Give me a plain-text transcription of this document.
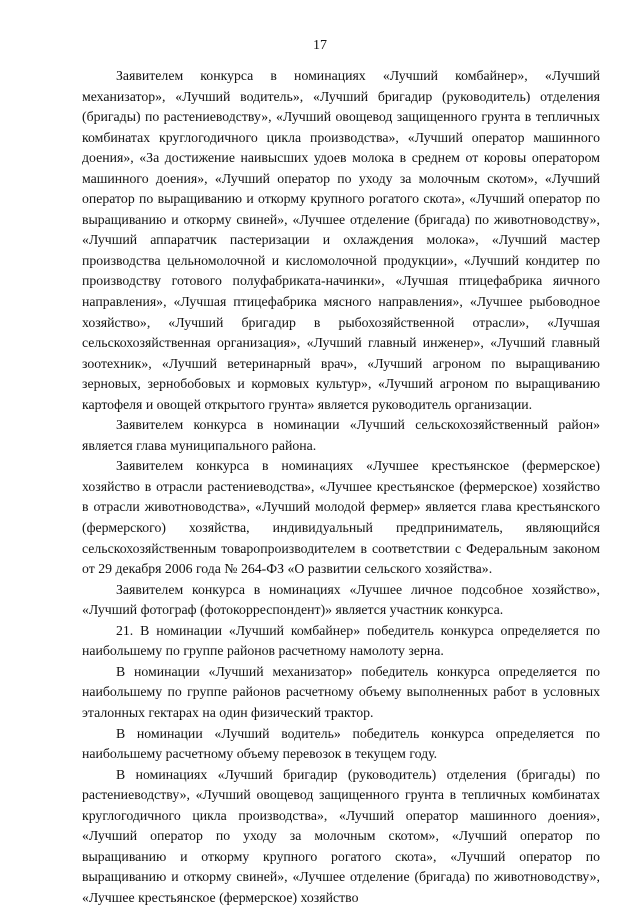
17

Заявителем конкурса в номинациях «Лучший комбайнер», «Лучший механизатор», «Лучший водитель», «Лучший бригадир (руководитель) отделения (бригады) по растениеводству», «Лучший овощевод защищенного грунта в тепличных комбинатах круглогодичного цикла производства», «Лучший оператор машинного доения», «За достижение наивысших удоев молока в среднем от коровы оператором машинного доения», «Лучший оператор по уходу за молочным скотом», «Лучший оператор по выращиванию и откорму крупного рогатого скота», «Лучший оператор по выращиванию и откорму свиней», «Лучшее отделение (бригада) по животноводству», «Лучший аппаратчик пастеризации и охлаждения молока», «Лучший мастер производства цельномолочной и кисломолочной продукции», «Лучший кондитер по производству готового полуфабриката-начинки», «Лучшая птицефабрика яичного направления», «Лучшая птицефабрика мясного направления», «Лучшее рыбоводное хозяйство», «Лучший бригадир в рыбохозяйственной отрасли», «Лучшая сельскохозяйственная организация», «Лучший главный инженер», «Лучший главный зоотехник», «Лучший ветеринарный врач», «Лучший агроном по выращиванию зерновых, зернобобовых и кормовых культур», «Лучший агроном по выращиванию картофеля и овощей открытого грунта» является руководитель организации.

Заявителем конкурса в номинации «Лучший сельскохозяйственный район» является глава муниципального района.

Заявителем конкурса в номинациях «Лучшее крестьянское (фермерское) хозяйство в отрасли растениеводства», «Лучшее крестьянское (фермерское) хозяйство в отрасли животноводства», «Лучший молодой фермер» является глава крестьянского (фермерского) хозяйства, индивидуальный предприниматель, являющийся сельскохозяйственным товаропроизводителем в соответствии с Федеральным законом от 29 декабря 2006 года № 264-ФЗ «О развитии сельского хозяйства».

Заявителем конкурса в номинациях «Лучшее личное подсобное хозяйство», «Лучший фотограф (фотокорреспондент)» является участник конкурса.

21. В номинации «Лучший комбайнер» победитель конкурса определяется по наибольшему по группе районов расчетному намолоту зерна.

В номинации «Лучший механизатор» победитель конкурса определяется по наибольшему по группе районов расчетному объему выполненных работ в условных эталонных гектарах на один физический трактор.

В номинации «Лучший водитель» победитель конкурса определяется по наибольшему расчетному объему перевозок в текущем году.

В номинациях «Лучший бригадир (руководитель) отделения (бригады) по растениеводству», «Лучший овощевод защищенного грунта в тепличных комбинатах круглогодичного цикла производства», «Лучший оператор машинного доения», «Лучший оператор по уходу за молочным скотом», «Лучший оператор по выращиванию и откорму крупного рогатого скота», «Лучший оператор по выращиванию и откорму свиней», «Лучшее отделение (бригада) по животноводству», «Лучшее крестьянское (фермерское) хозяйство
